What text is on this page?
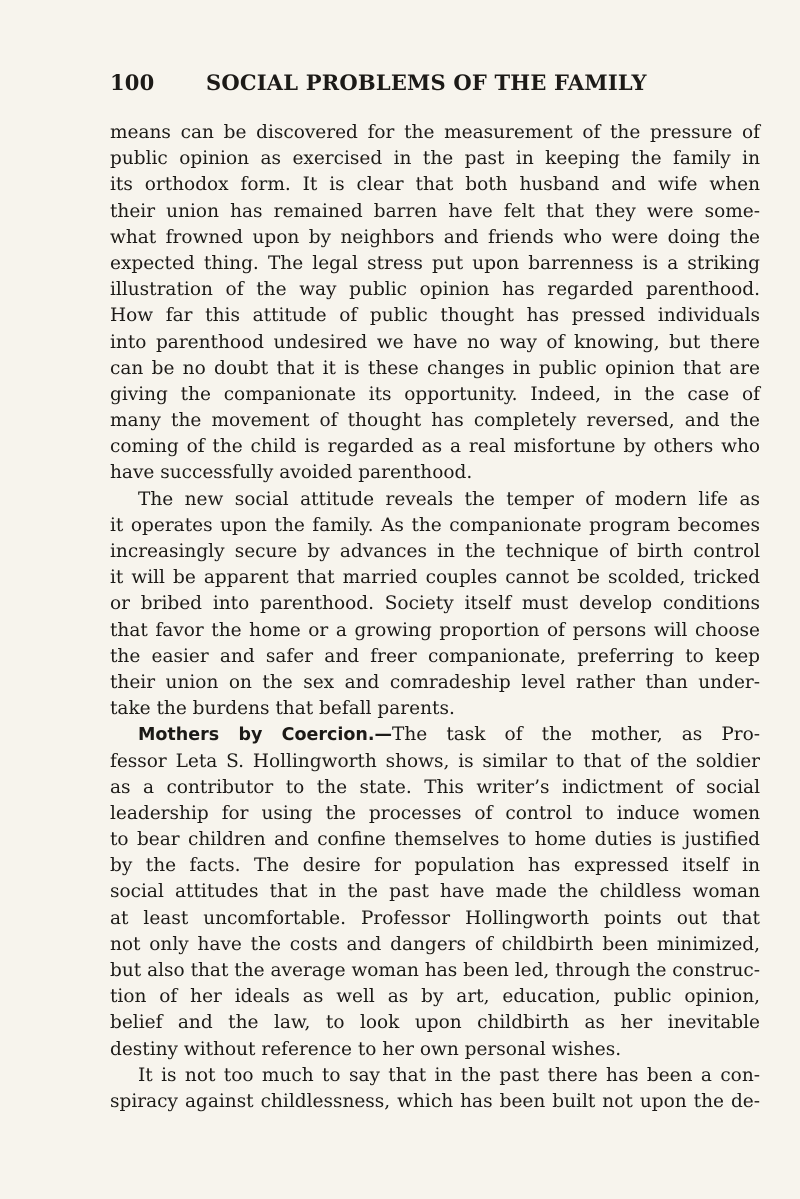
100 SOCIAL PROBLEMS OF THE FAMILY
means can be discovered for the measurement of the pressure of
public opinion as exercised in the past in keeping the family in
its orthodox form. It is clear that both husband and wife when
their union has remained barren have felt that they were some-
what frowned upon by neighbors and friends who were doing the
expected thing. The legal stress put upon barrenness is a striking
illustration of the way public opinion has regarded parenthood.
How far this attitude of public thought has pressed individuals
into parenthood undesired we have no way of knowing, but there
can be no doubt that it is these changes in public opinion that are
giving the companionate its opportunity. Indeed, in the case of
many the movement of thought has completely reversed, and the
coming of the child is regarded as a real misfortune by others who
have successfully avoided parenthood.
The new social attitude reveals the temper of modern life as
it operates upon the family. As the companionate program becomes
increasingly secure by advances in the technique of birth control
it will be apparent that married couples cannot be scolded, tricked
or bribed into parenthood. Society itself must develop conditions
that favor the home or a growing proportion of persons will choose
the easier and safer and freer companionate, preferring to keep
their union on the sex and comradeship level rather than under-
take the burdens that befall parents.
Mothers by Coercion.—The task of the mother, as Pro-
fessor Leta S. Hollingworth shows, is similar to that of the soldier
as a contributor to the state. This writer’s indictment of social
leadership for using the processes of control to induce women
to bear children and confine themselves to home duties is justified
by the facts. The desire for population has expressed itself in
social attitudes that in the past have made the childless woman
at least uncomfortable. Professor Hollingworth points out that
not only have the costs and dangers of childbirth been minimized,
but also that the average woman has been led, through the construc-
tion of her ideals as well as by art, education, public opinion,
belief and the law, to look upon childbirth as her inevitable
destiny without reference to her own personal wishes.
It is not too much to say that in the past there has been a con-
spiracy against childlessness, which has been built not upon the de-
